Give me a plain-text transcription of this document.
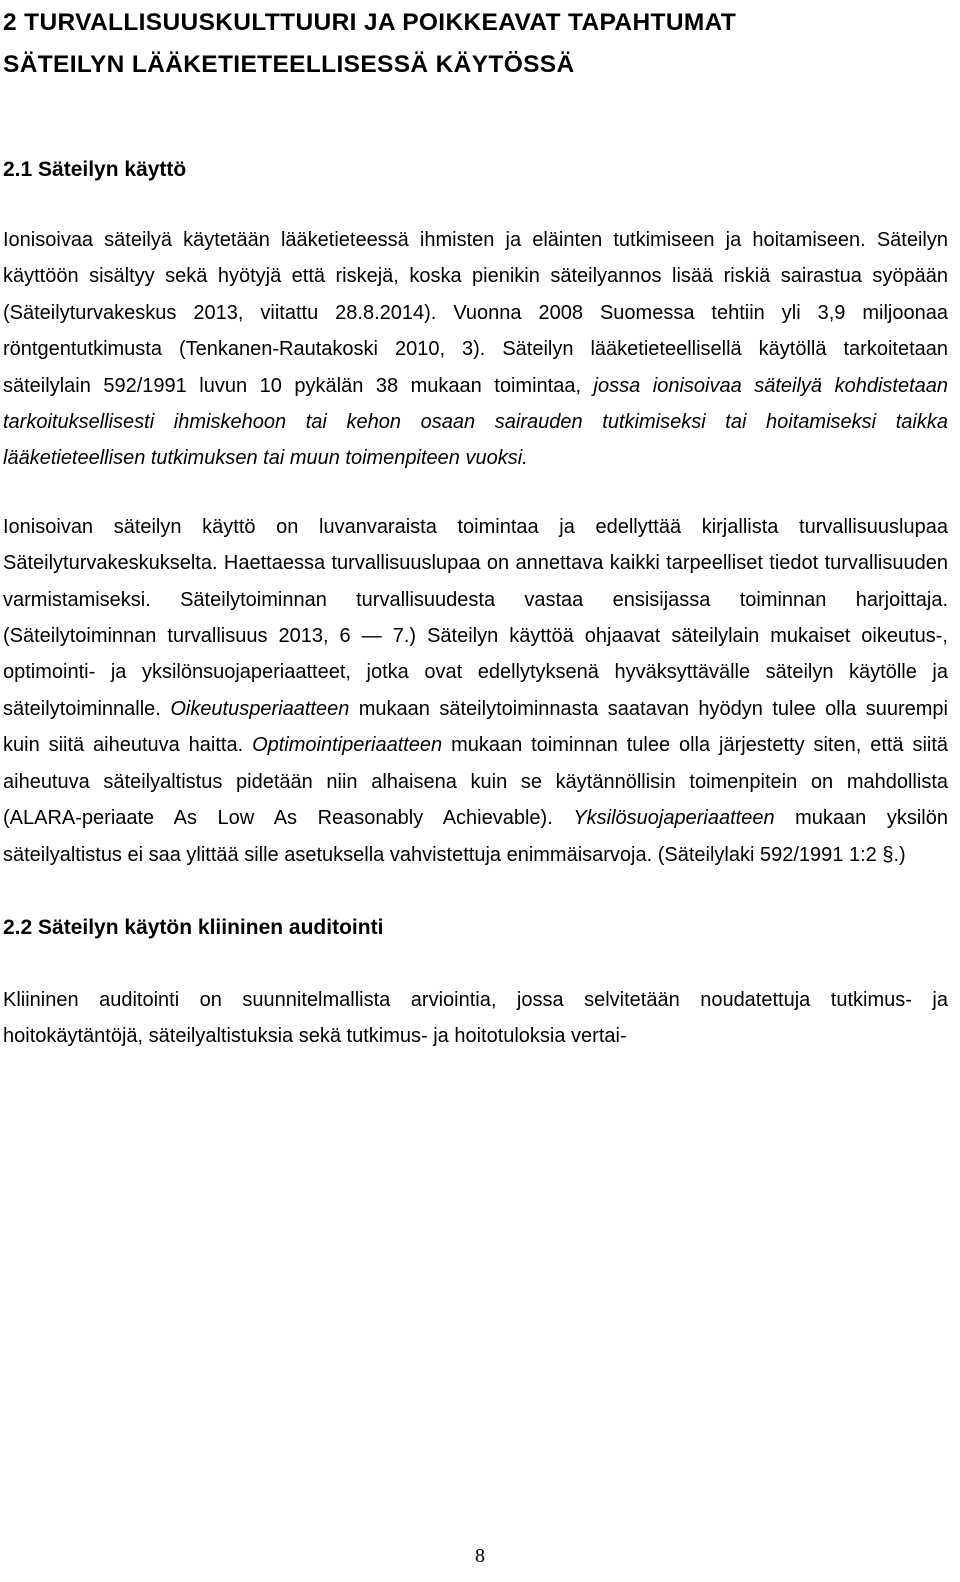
2 TURVALLISUUSKULTTUURI JA POIKKEAVAT TAPAHTUMAT
SÄTEILYN LÄÄKETIETEELLISESSÄ KÄYTÖSSÄ
2.1 Säteilyn käyttö

Ionisoivaa säteilyä käytetään lääketieteessä ihmisten ja eläinten tutkimiseen ja hoitamiseen. Säteilyn käyttöön sisältyy sekä hyötyjä että riskejä, koska pienikin säteilyannos lisää riskiä sairastua syöpään (Säteilyturvakeskus 2013, viitattu 28.8.2014). Vuonna 2008 Suomessa tehtiin yli 3,9 miljoonaa röntgentutkimusta (Tenkanen-Rautakoski 2010, 3). Säteilyn lääketieteellisellä käytöllä tarkoitetaan säteilylain 592/1991 luvun 10 pykälän 38 mukaan toimintaa, jossa ionisoivaa säteilyä kohdistetaan tarkoituksellisesti ihmiskehoon tai kehon osaan sairauden tutkimiseksi tai hoitamiseksi taikka lääketieteellisen tutkimuksen tai muun toimenpiteen vuoksi.

Ionisoivan säteilyn käyttö on luvanvaraista toimintaa ja edellyttää kirjallista turvallisuuslupaa Säteilyturvakeskukselta. Haettaessa turvallisuuslupaa on annettava kaikki tarpeelliset tiedot turvallisuuden varmistamiseksi. Säteilytoiminnan turvallisuudesta vastaa ensisijassa toiminnan harjoittaja. (Säteilytoiminnan turvallisuus 2013, 6 — 7.) Säteilyn käyttöä ohjaavat säteilylain mukaiset oikeutus-, optimointi- ja yksilönsuojaperiaatteet, jotka ovat edellytyksenä hyväksyttävälle säteilyn käytölle ja säteilytoiminnalle. Oikeutusperiaatteen mukaan säteilytoiminnasta saatavan hyödyn tulee olla suurempi kuin siitä aiheutuva haitta. Optimointiperiaatteen mukaan toiminnan tulee olla järjestetty siten, että siitä aiheutuva säteilyaltistus pidetään niin alhaisena kuin se käytännöllisin toimenpitein on mahdollista (ALARA-periaate As Low As Reasonably Achievable). Yksilösuojaperiaatteen mukaan yksilön säteilyaltistus ei saa ylittää sille asetuksella vahvistettuja enimmäisarvoja. (Säteilylaki 592/1991 1:2 §.)

2.2 Säteilyn käytön kliininen auditointi

Kliininen auditointi on suunnitelmallista arviointia, jossa selvitetään noudatettuja tutkimus- ja hoitokäytäntöjä, säteilyaltistuksia sekä tutkimus- ja hoitotuloksia vertai-

8
